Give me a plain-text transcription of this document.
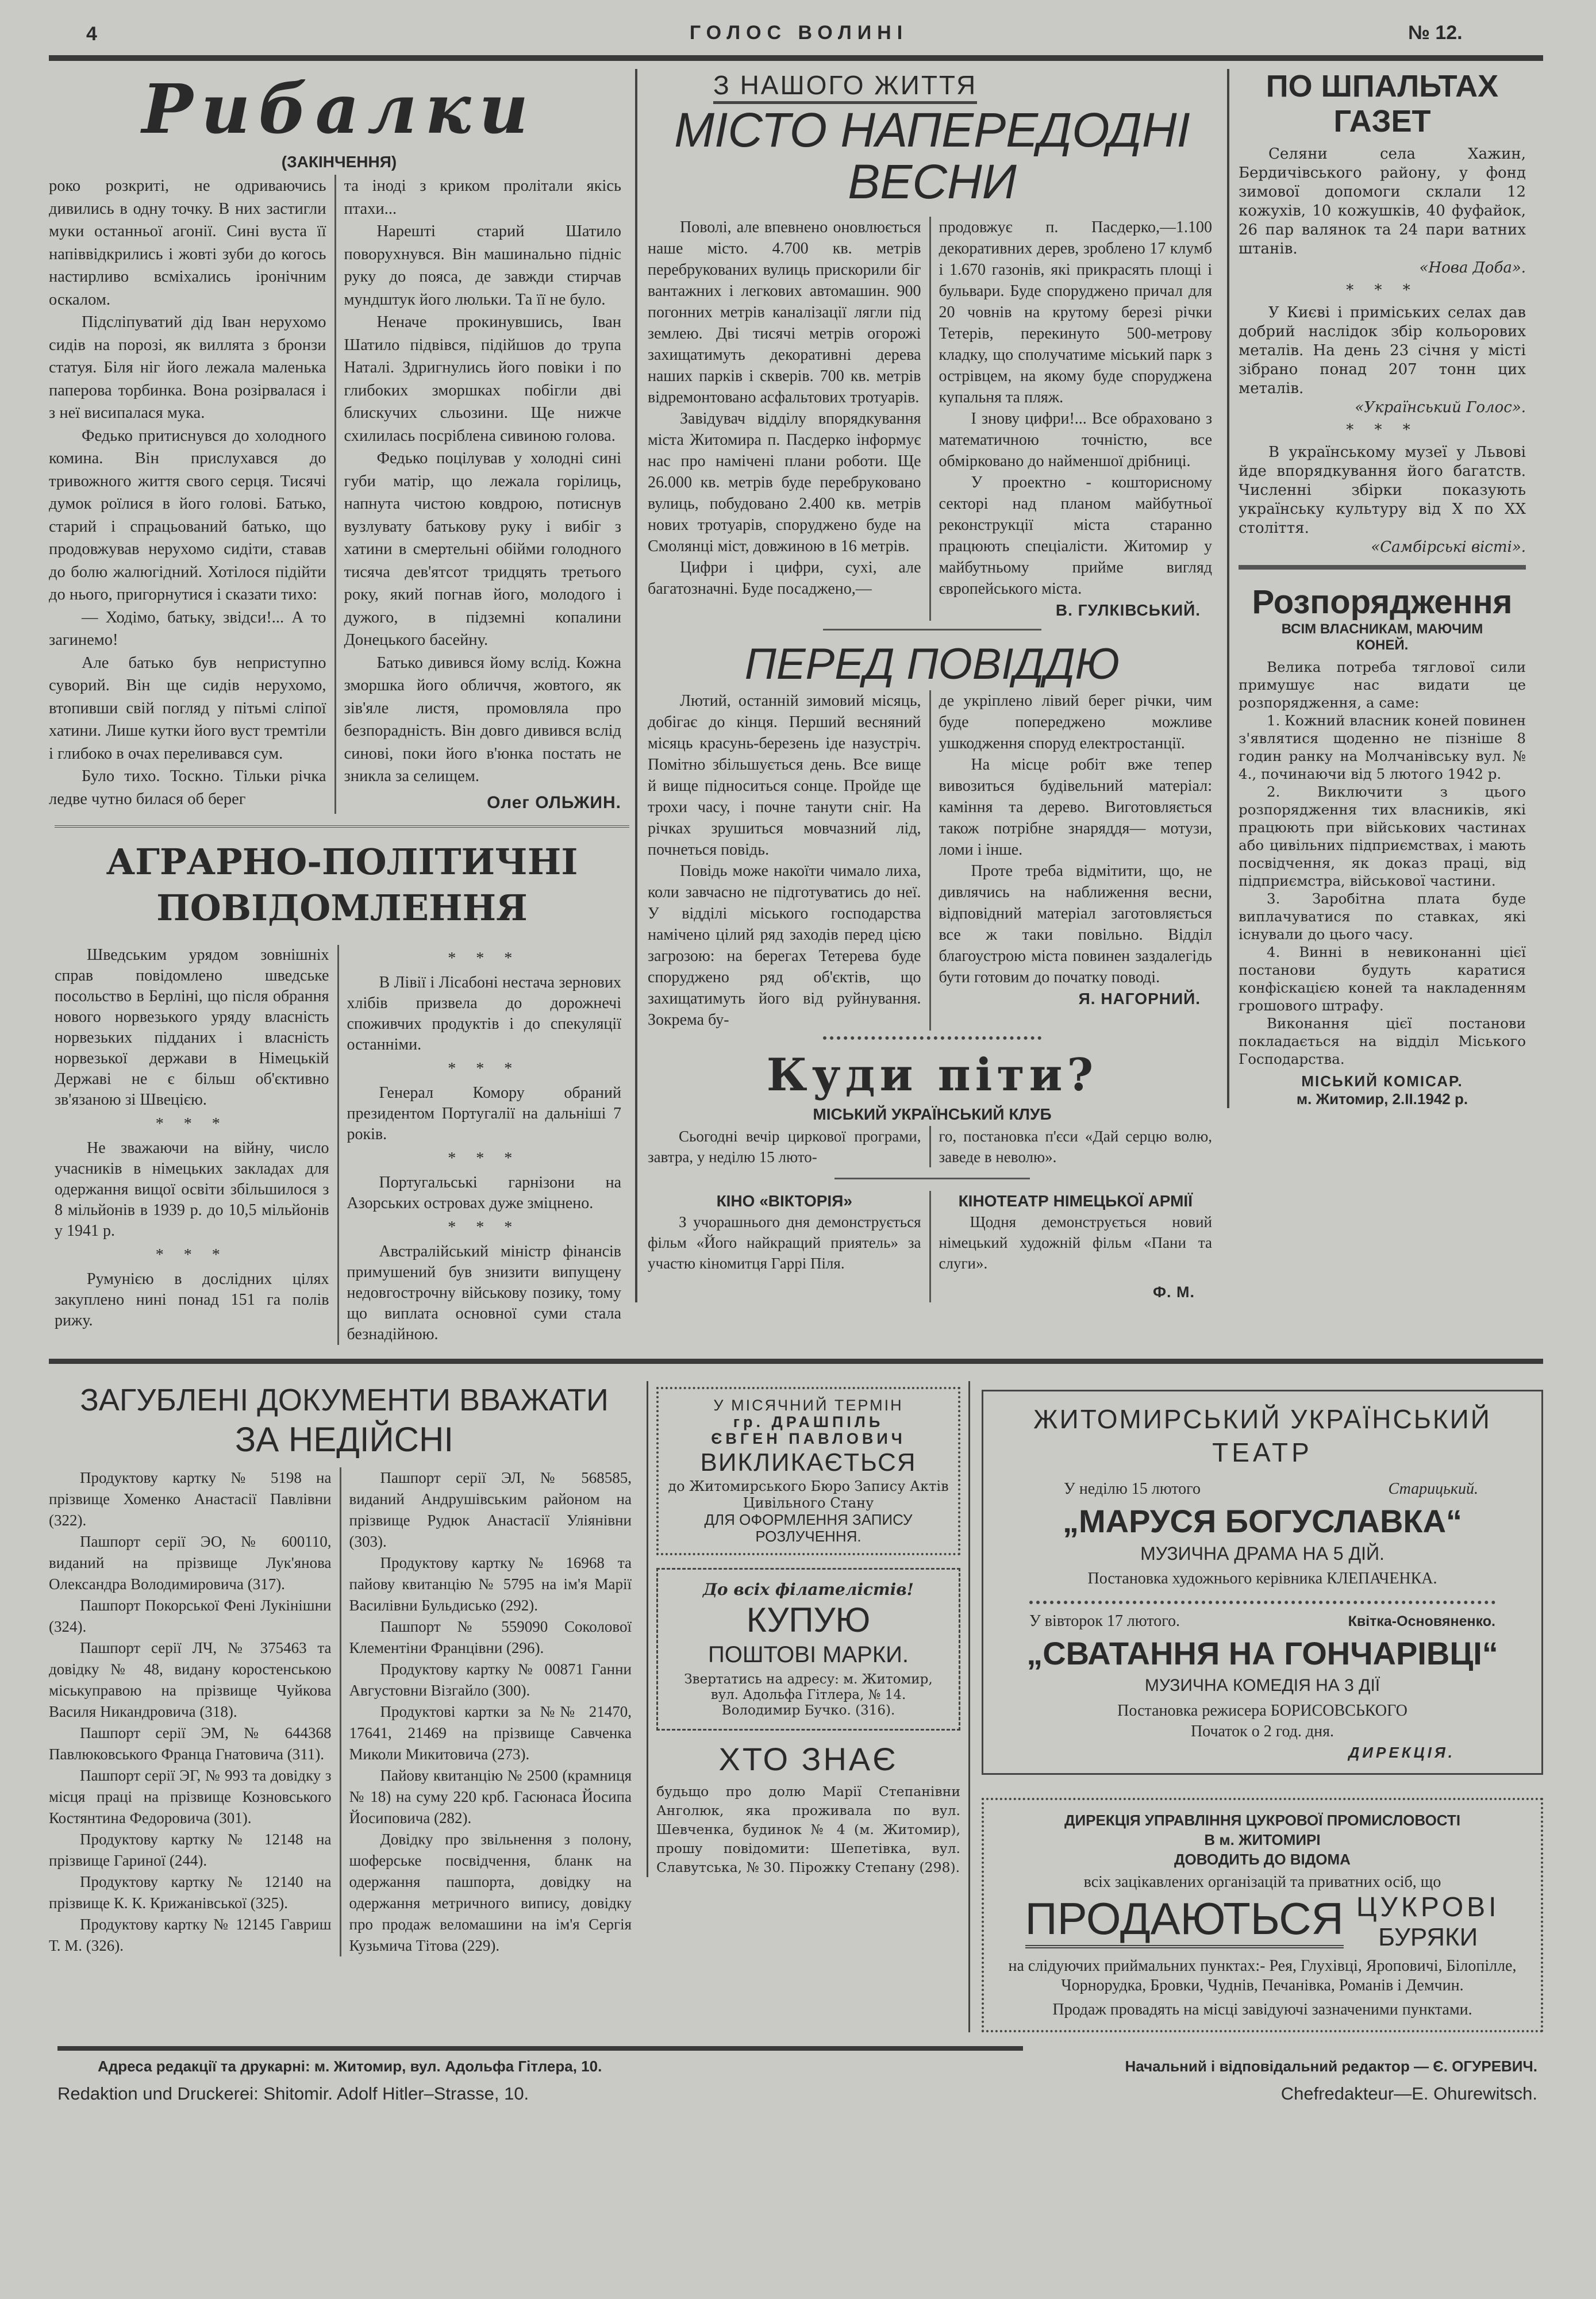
4	ГОЛОС ВОЛИНІ	№ 12.
Рибалки
(ЗАКІНЧЕННЯ)

роко розкриті, не одриваючись дивились в одну точку. В них застигли муки останньої агонії. Сині вуста її напіввідкрились і жовті зуби до когось настирливо всміхались іронічним оскалом.

Підсліпуватий дід Іван нерухомо сидів на порозі, як виллята з бронзи статуя. Біля ніг його лежала маленька паперова торбинка. Вона розірвалася і з неї висипалася мука.

Федько притиснувся до холодного комина. Він прислухався до тривожного життя свого серця. Тисячі думок роїлися в його голові. Батько, старий і спрацьований батько, що продовжував нерухомо сидіти, ставав до болю жалюгідний. Хотілося підійти до нього, пригорнутися і сказати тихо:

— Ходімо, батьку, звідси!... А то загинемо!

Але батько був неприступно суворий. Він ще сидів нерухомо, втопивши свій погляд у пітьмі сліпої хатини. Лише кутки його вуст тремтіли і глибоко в очах переливався сум.

Було тихо. Тоскно. Тільки річка ледве чутно билася об берег

та іноді з криком пролітали якісь птахи...

Нарешті старий Шатило поворухнувся. Він машинально підніс руку до пояса, де завжди стирчав мундштук його люльки. Та її не було.

Неначе прокинувшись, Іван Шатило підвівся, підійшов до трупа Наталі. Здригнулись його повіки і по глибоких зморшках побігли дві блискучих сльозини. Ще нижче схилилась посріблена сивиною голова.

Федько поцілував у холодні сині губи матір, що лежала горілиць, напнута чистою ковдрою, потиснув вузлувату батькову руку і вибіг з хатини в смертельні обійми голодного тисяча дев'ятсот тридцять третього року, який погнав його, молодого і дужого, в підземні копалини Донецького басейну.

Батько дивився йому вслід. Кожна зморшка його обличчя, жовтого, як зів'яле листя, промовляла про безпорадність. Він довго дивився вслід синові, поки його в'юнка постать не зникла за селищем.

Олег ОЛЬЖИН.
АГРАРНО-ПОЛІТИЧНІ
ПОВІДОМЛЕННЯ

Шведським урядом зовнішніх справ повідомлено шведське посольство в Берліні, що після обрання нового норвезького уряду власність норвезьких підданих і власність норвезької держави в Німецькій Державі не є більш об'єктивно зв'язаною зі Швецією.

* * *

Не зважаючи на війну, число учасників в німецьких закладах для одержання вищої освіти збільшилося з 8 мільйонів в 1939 р. до 10,5 мільйонів у 1941 р.

* * *

Румунією в дослідних цілях закуплено нині понад 151 га полів рижу.

* * *

В Лівії і Лісабоні нестача зернових хлібів призвела до дорожнечі споживчих продуктів і до спекуляції останніми.

* * *

Генерал Комору обраний президентом Португалії на дальніші 7 років.

* * *

Португальські гарнізони на Азорських островах дуже зміцнено.

* * *

Австралійський міністр фінансів примушений був знизити випущену недовгострочну військову позику, тому що виплата основної суми стала безнадійною.

З НАШОГО ЖИТТЯ
МІСТО НАПЕРЕДОДНІ
ВЕСНИ

Поволі, але впевнено оновлюється наше місто. 4.700 кв. метрів перебрукованих вулиць прискорили біг вантажних і легкових автомашин. 900 погонних метрів каналізації лягли під землею. Дві тисячі метрів огорожі захищатимуть декоративні дерева наших парків і скверів. 700 кв. метрів відремонтовано асфальтових тротуарів.

Завідувач відділу впорядкування міста Житомира п. Пасдерко інформує нас про намічені плани роботи. Ще 26.000 кв. метрів буде перебруковано вулиць, побудовано 2.400 кв. метрів нових тротуарів, споруджено буде на Смолянці міст, довжиною в 16 метрів.

Цифри і цифри, сухі, але багатозначні. Буде посаджено,—

продовжує п. Пасдерко,—1.100 декоративних дерев, зроблено 17 клумб і 1.670 газонів, які прикрасять площі і бульвари. Буде споруджено причал для 20 човнів на крутому березі річки Тетерів, перекинуто 500-метрову кладку, що сполучатиме міський парк з острівцем, на якому буде споруджена купальня та пляж.

І знову цифри!... Все обраховано з математичною точністю, все обмірковано до найменшої дрібниці.

У проектно - кошторисному секторі над планом майбутньої реконструкції міста старанно працюють спеціалісти. Житомир у майбутньому прийме вигляд європейського міста.

В. ГУЛКІВСЬКИЙ.
ПЕРЕД ПОВІДДЮ

Лютий, останній зимовий місяць, добігає до кінця. Перший весняний місяць красунь-березень іде назустріч. Помітно збільшується день. Все вище й вище підноситься сонце. Пройде ще трохи часу, і почне танути сніг. На річках зрушиться мовчазний лід, почнеться повідь.

Повідь може накоїти чимало лиха, коли завчасно не підготуватись до неї. У відділі міського господарства намічено цілий ряд заходів перед цією загрозою: на берегах Тетерева буде споруджено ряд об'єктів, що захищатимуть його від руйнування. Зокрема бу-

де укріплено лівий берег річки, чим буде попереджено можливе ушкодження споруд електростанції.

На місце робіт вже тепер вивозиться будівельний матеріал: каміння та дерево. Виготовляється також потрібне знаряддя— мотузи, ломи і інше.

Проте треба відмітити, що, не дивлячись на наближення весни, відповідний матеріал заготовляється все ж таки повільно. Відділ благоустрою міста повинен заздалегідь бути готовим до початку поводі.

Я. НАГОРНИЙ.
Куди піти?
МІСЬКИЙ УКРАЇНСЬКИЙ КЛУБ

Сьогодні вечір циркової програми, завтра, у неділю 15 люто-

го, постановка п'єси «Дай серцю волю, заведе в неволю».

КІНО «ВІКТОРІЯ»

З учорашнього дня демонструється фільм «Його найкращий приятель» за участю кіномитця Гаррі Піля.

КІНОТЕАТР НІМЕЦЬКОЇ АРМІЇ

Щодня демонструється новий німецький художній фільм «Пани та слуги».

Ф. М.
ПО ШПАЛЬТАХ
ГАЗЕТ

Селяни села Хажин, Бердичівського району, у фонд зимової допомоги склали 12 кожухів, 10 кожушків, 40 фуфайок, 26 пар валянок та 24 пари ватних штанів.

«Нова Доба».

* * *

У Києві і приміських селах дав добрий наслідок збір кольорових металів. На день 23 січня у місті зібрано понад 207 тонн цих металів.

«Український Голос».

* * *

В українському музеї у Львові йде впорядкування його багатств. Численні збірки показують українську культуру від X по XX століття.

«Самбірські вісті».
Розпорядження
ВСІМ ВЛАСНИКАМ, МАЮЧИМ КОНЕЙ.

Велика потреба тяглової сили примушує нас видати це розпорядження, а саме:

1. Кожний власник коней повинен з'являтися щоденно не пізніше 8 годин ранку на Молчанівську вул. № 4., починаючи від 5 лютого 1942 р.

2. Виключити з цього розпорядження тих власників, які працюють при військових частинах або цивільних підприємствах, і мають посвідчення, як доказ праці, від підприємстра, військової частини.

3. Заробітна плата буде виплачуватися по ставках, які існували до цього часу.

4. Винні в невиконанні цієї постанови будуть каратися конфіскацією коней та накладенням грошового штрафу.

Виконання цієї постанови покладається на відділ Міського Господарства.

МІСЬКИЙ КОМІСАР.
м. Житомир, 2.II.1942 р.
ЗАГУБЛЕНІ ДОКУМЕНТИ ВВАЖАТИ
ЗА НЕДІЙСНІ

Продуктову картку № 5198 на прізвище Хоменко Анастасії Павлівни (322).

Пашпорт серії ЭО, № 600110, виданий на прізвище Лук'янова Олександра Володимировича (317).

Пашпорт Покорської Фені Лукінішни (324).

Пашпорт серії ЛЧ, № 375463 та довідку № 48, видану коростенською міськуправою на прізвище Чуйкова Василя Никандровича (318).

Пашпорт серії ЭМ, № 644368 Павлюковського Франца Гнатовича (311).

Пашпорт серії ЭГ, № 993 та довідку з місця праці на прізвище Козновського Костянтина Федоровича (301).

Продуктову картку № 12148 на прізвище Гариної (244).

Продуктову картку № 12140 на прізвище К. К. Крижанівської (325).

Продуктову картку № 12145 Гавриш Т. М. (326).

Пашпорт серії ЭЛ, № 568585, виданий Андрушівським районом на прізвище Рудюк Анастасії Уліянівни (303).

Продуктову картку № 16968 та пайову квитанцію № 5795 на ім'я Марії Василівни Бульдисько (292).

Пашпорт № 559090 Соколової Клементіни Францівни (296).

Продуктову картку № 00871 Ганни Августовни Візгайло (300).

Продуктові картки за №№ 21470, 17641, 21469 на прізвище Савченка Миколи Микитовича (273).

Пайову квитанцію № 2500 (крамниця № 18) на суму 220 крб. Гасюнаса Йосипа Йосиповича (282).

Довідку про звільнення з полону, шоферське посвідчення, бланк на одержання пашпорта, довідку на одержання метричного випису, довідку про продаж веломашини на ім'я Сергія Кузьмича Тітова (229).

У МІСЯЧНИЙ ТЕРМІН
гр. ДРАШПІЛЬ
ЄВГЕН ПАВЛОВИЧ
ВИКЛИКАЄТЬСЯ
до Житомирського Бюро Запису Актів Цивільного Стану
ДЛЯ ОФОРМЛЕННЯ ЗАПИСУ РОЗЛУЧЕННЯ.
До всіх філателістів!
КУПУЮ
ПОШТОВІ МАРКИ.
Звертатись на адресу: м. Житомир, вул. Адольфа Гітлера, № 14. Володимир Бучко. (316).
ХТО ЗНАЄ

будьщо про долю Марії Степанівни Анголюк, яка проживала по вул. Шевченка, будинок № 4 (м. Житомир), прошу повідомити: Шепетівка, вул. Славутська, № 30. Пірожку Степану (298).

ЖИТОМИРСЬКИЙ УКРАЇНСЬКИЙ
ТЕАТР
У неділю 15 лютого	Старицький.
„МАРУСЯ БОГУСЛАВКА“
МУЗИЧНА ДРАМА НА 5 ДІЙ.
Постановка художнього керівника КЛЕПАЧЕНКА.
У вівторок 17 лютого.	Квітка-Основяненко.
„СВАТАННЯ НА ГОНЧАРІВЦІ“
МУЗИЧНА КОМЕДІЯ НА 3 ДІЇ
Постановка режисера БОРИСОВСЬКОГО
Початок о 2 год. дня.
ДИРЕКЦІЯ.
ДИРЕКЦІЯ УПРАВЛІННЯ ЦУКРОВОЇ ПРОМИСЛОВОСТІ
В м. ЖИТОМИРІ
ДОВОДИТЬ ДО ВІДОМА
всіх зацікавлених організацій та приватних осіб, що
ПРОДАЮТЬСЯ ЦУКРОВІ
БУРЯКИ
на слідуючих приймальних пунктах:- Рея, Глухівці, Яроповичі, Білопілле, Чорнорудка, Бровки, Чуднів, Печанівка, Романів і Демчин.
Продаж провадять на місці завідуючі зазначеними пунктами.
Адреса редакції та друкарні: м. Житомир, вул. Адольфа Гітлера, 10.	Начальний і відповідальний редактор — Є. ОГУРЕВИЧ.
Redaktion und Druckerei: Shitomir. Adolf Hitler–Strasse, 10.	Chefredakteur—E. Ohurewitsch.
